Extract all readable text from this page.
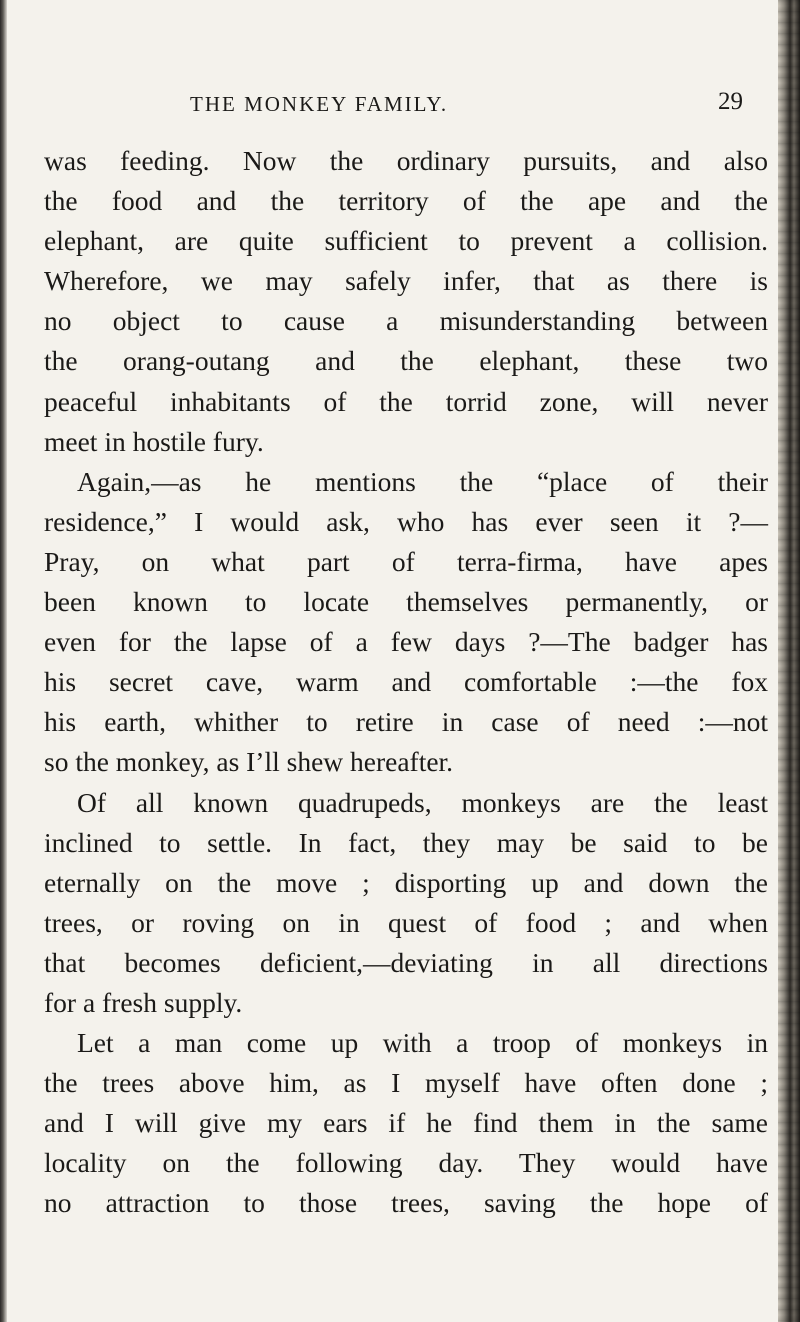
THE MONKEY FAMILY.	29
was feeding. Now the ordinary pursuits, and also
the food and the territory of the ape and the
elephant, are quite sufficient to prevent a collision.
Wherefore, we may safely infer, that as there is
no object to cause a misunderstanding between
the orang-outang and the elephant, these two
peaceful inhabitants of the torrid zone, will never
meet in hostile fury.
Again,—as he mentions the “place of their
residence,” I would ask, who has ever seen it ?—
Pray, on what part of terra-firma, have apes
been known to locate themselves permanently, or
even for the lapse of a few days ?—The badger has
his secret cave, warm and comfortable :—the fox
his earth, whither to retire in case of need :—not
so the monkey, as I’ll shew hereafter.
Of all known quadrupeds, monkeys are the least
inclined to settle. In fact, they may be said to be
eternally on the move ; disporting up and down the
trees, or roving on in quest of food ; and when
that becomes deficient,—deviating in all directions
for a fresh supply.
Let a man come up with a troop of monkeys in
the trees above him, as I myself have often done ;
and I will give my ears if he find them in the same
locality on the following day. They would have
no attraction to those trees, saving the hope of
